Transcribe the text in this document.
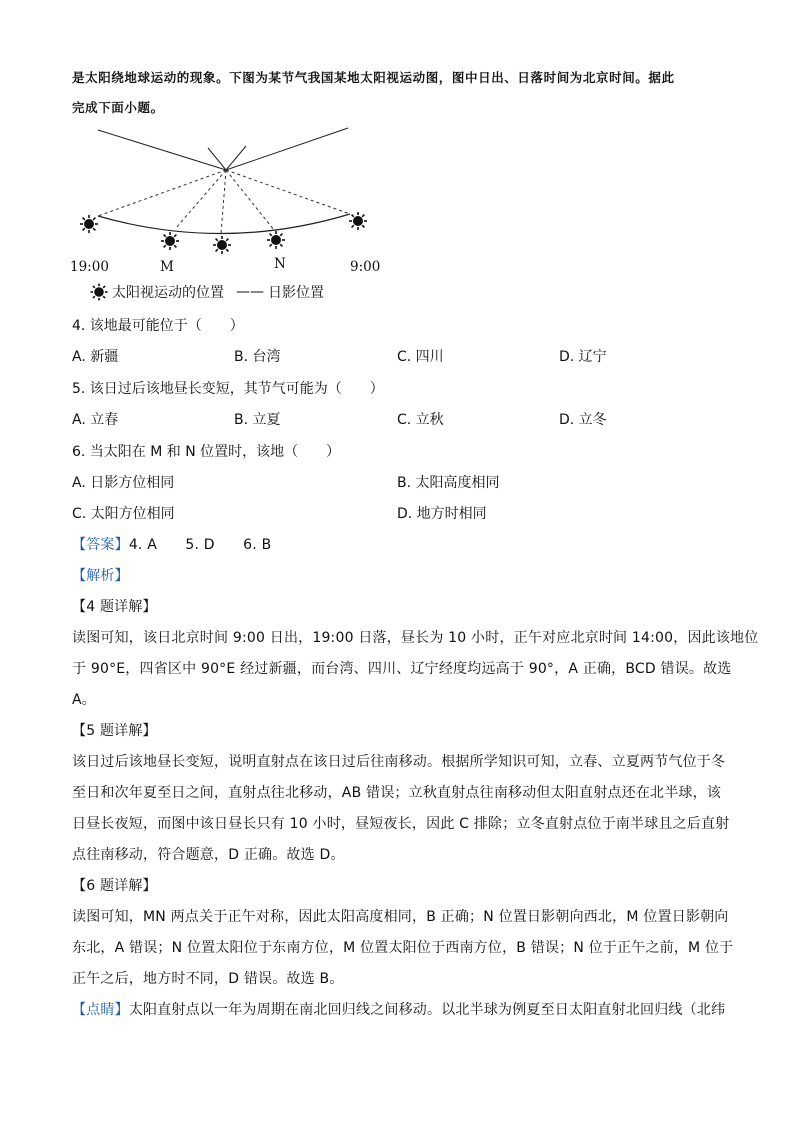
是太阳绕地球运动的现象。下图为某节气我国某地太阳视运动图，图中日出、日落时间为北京时间。据此
完成下面小题。
19:00	M	N	9:00
太阳视运动的位置 —— 日影位置
4. 该地最可能位于（　　）
A. 新疆	B. 台湾	C. 四川	D. 辽宁
5. 该日过后该地昼长变短，其节气可能为（　　）
A. 立春	B. 立夏	C. 立秋	D. 立冬
6. 当太阳在 M 和 N 位置时，该地（　　）
A. 日影方位相同	B. 太阳高度相同
C. 太阳方位相同	D. 地方时相同
【答案】4. A　　5. D　　6. B
【解析】
【4 题详解】
读图可知，该日北京时间 9:00 日出，19:00 日落，昼长为 10 小时，正午对应北京时间 14:00，因此该地位
于 90°E，四省区中 90°E 经过新疆，而台湾、四川、辽宁经度均远高于 90°，A 正确，BCD 错误。故选
A。
【5 题详解】
该日过后该地昼长变短，说明直射点在该日过后往南移动。根据所学知识可知，立春、立夏两节气位于冬
至日和次年夏至日之间，直射点往北移动，AB 错误；立秋直射点往南移动但太阳直射点还在北半球，该
日昼长夜短，而图中该日昼长只有 10 小时，昼短夜长，因此 C 排除；立冬直射点位于南半球且之后直射
点往南移动，符合题意，D 正确。故选 D。
【6 题详解】
读图可知，MN 两点关于正午对称，因此太阳高度相同，B 正确；N 位置日影朝向西北，M 位置日影朝向
东北，A 错误；N 位置太阳位于东南方位，M 位置太阳位于西南方位，B 错误；N 位于正午之前，M 位于
正午之后，地方时不同，D 错误。故选 B。
【点睛】太阳直射点以一年为周期在南北回归线之间移动。以北半球为例夏至日太阳直射北回归线（北纬
